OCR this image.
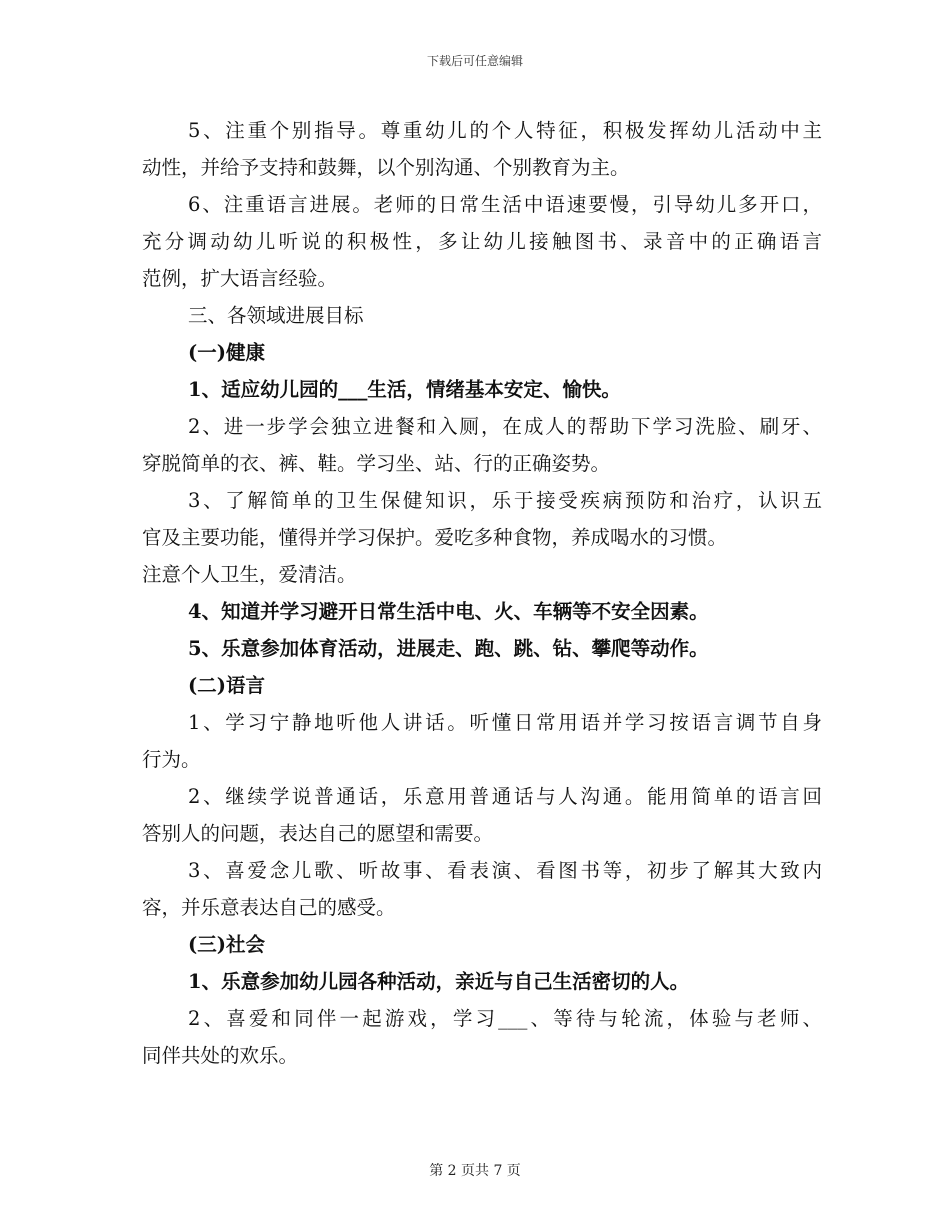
下载后可任意编辑
5、注重个别指导。尊重幼儿的个人特征，积极发挥幼儿活动中主
动性，并给予支持和鼓舞，以个别沟通、个别教育为主。
6、注重语言进展。老师的日常生活中语速要慢，引导幼儿多开口，
充分调动幼儿听说的积极性，多让幼儿接触图书、录音中的正确语言
范例，扩大语言经验。
三、各领域进展目标
(一)健康
1、适应幼儿园的___生活，情绪基本安定、愉快。
2、进一步学会独立进餐和入厕，在成人的帮助下学习洗脸、刷牙、
穿脱简单的衣、裤、鞋。学习坐、站、行的正确姿势。
3、了解简单的卫生保健知识，乐于接受疾病预防和治疗，认识五
官及主要功能，懂得并学习保护。爱吃多种食物，养成喝水的习惯。
注意个人卫生，爱清洁。
4、知道并学习避开日常生活中电、火、车辆等不安全因素。
5、乐意参加体育活动，进展走、跑、跳、钻、攀爬等动作。
(二)语言
1、学习宁静地听他人讲话。听懂日常用语并学习按语言调节自身
行为。
2、继续学说普通话，乐意用普通话与人沟通。能用简单的语言回
答别人的问题，表达自己的愿望和需要。
3、喜爱念儿歌、听故事、看表演、看图书等，初步了解其大致内
容，并乐意表达自己的感受。
(三)社会
1、乐意参加幼儿园各种活动，亲近与自己生活密切的人。
2、喜爱和同伴一起游戏，学习___、等待与轮流，体验与老师、
同伴共处的欢乐。
第 2 页共 7 页
